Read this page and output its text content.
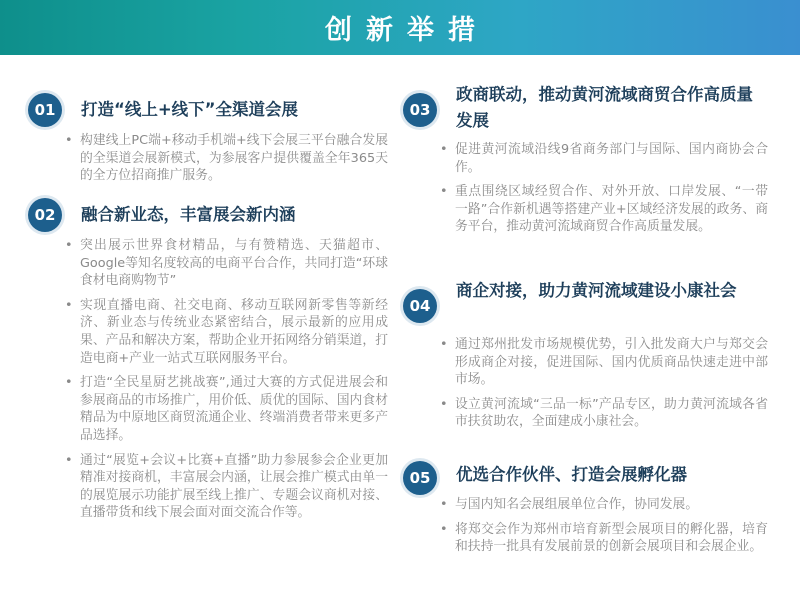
创新举措
01	打造“线上+线下”全渠道会展
• 构建线上PC端+移动手机端+线下会展三平台融合发展的全渠道会展新模式，为参展客户提供覆盖全年365天的全方位招商推广服务。
02	融合新业态，丰富展会新内涵
• 突出展示世界食材精品，与有赞精选、天猫超市、Google等知名度较高的电商平台合作，共同打造“环球食材电商购物节”
• 实现直播电商、社交电商、移动互联网新零售等新经济、新业态与传统业态紧密结合，展示最新的应用成果、产品和解决方案，帮助企业开拓网络分销渠道，打造电商+产业一站式互联网服务平台。
• 打造“全民星厨艺挑战赛”,通过大赛的方式促进展会和参展商品的市场推广，用价低、质优的国际、国内食材精品为中原地区商贸流通企业、终端消费者带来更多产品选择。
• 通过“展览+会议+比赛+直播”助力参展参会企业更加精准对接商机，丰富展会内涵，让展会推广模式由单一的展览展示功能扩展至线上推广、专题会议商机对接、直播带货和线下展会面对面交流合作等。
03
政商联动，推动黄河流域商贸合作高质量发展
• 促进黄河流域沿线9省商务部门与国际、国内商协会合作。
• 重点围绕区域经贸合作、对外开放、口岸发展、“一带一路”合作新机遇等搭建产业+区域经济发展的政务、商务平台，推动黄河流域商贸合作高质量发展。
04
商企对接，助力黄河流域建设小康社会
• 通过郑州批发市场规模优势，引入批发商大户与郑交会形成商企对接，促进国际、国内优质商品快速走进中部市场。
• 设立黄河流域“三品一标”产品专区，助力黄河流域各省市扶贫助农，全面建成小康社会。
05	优选合作伙伴、打造会展孵化器
• 与国内知名会展组展单位合作，协同发展。
• 将郑交会作为郑州市培育新型会展项目的孵化器，培育和扶持一批具有发展前景的创新会展项目和会展企业。
